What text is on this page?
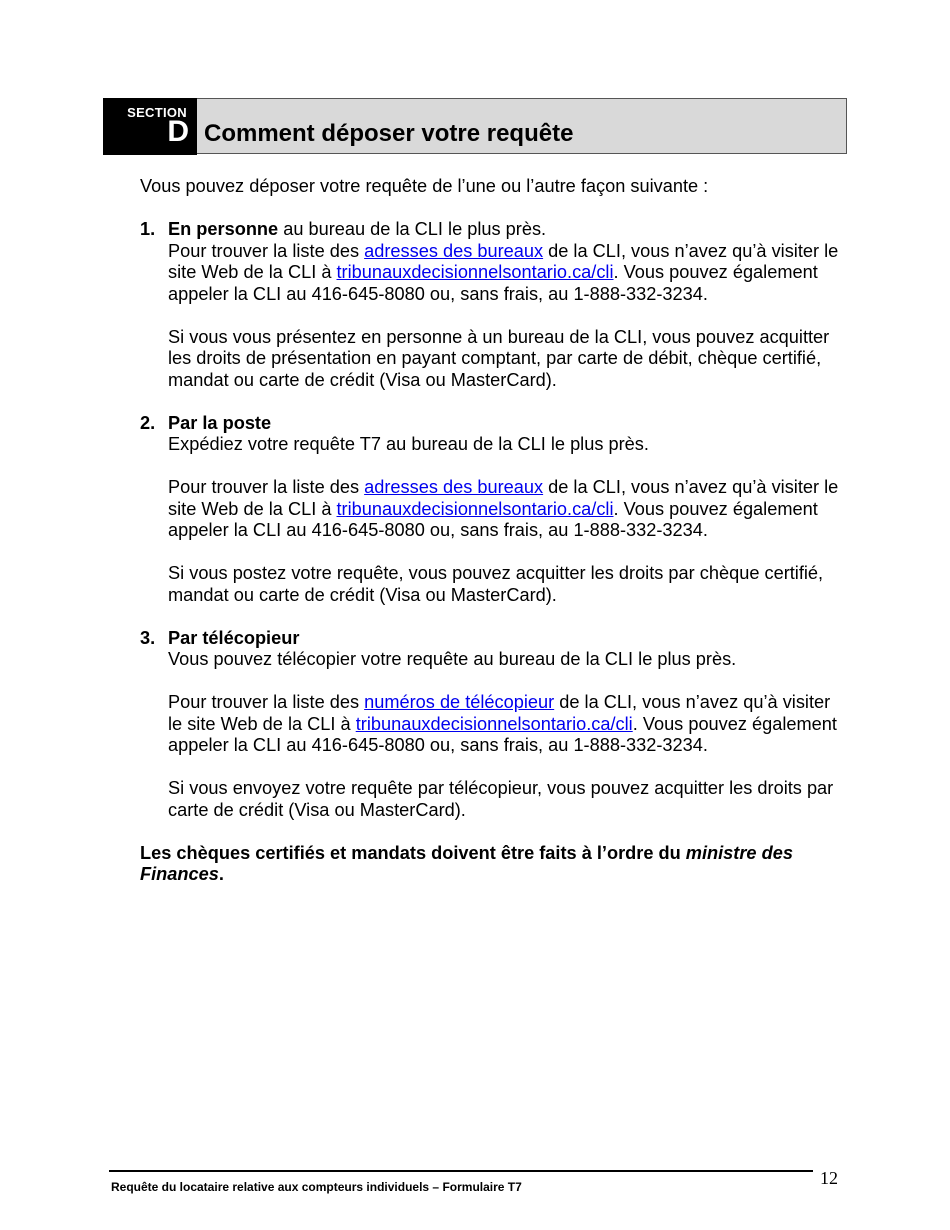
SECTION
D Comment déposer votre requête

Vous pouvez déposer votre requête de l’une ou l’autre façon suivante :

1. En personne au bureau de la CLI le plus près.

Pour trouver la liste des adresses des bureaux de la CLI, vous n’avez qu’à visiter le site Web de la CLI à tribunauxdecisionnelsontario.ca/cli. Vous pouvez également appeler la CLI au 416-645-8080 ou, sans frais, au 1-888-332-3234.

Si vous vous présentez en personne à un bureau de la CLI, vous pouvez acquitter les droits de présentation en payant comptant, par carte de débit, chèque certifié, mandat ou carte de crédit (Visa ou MasterCard).

2. Par la poste

Expédiez votre requête T7 au bureau de la CLI le plus près.

Pour trouver la liste des adresses des bureaux de la CLI, vous n’avez qu’à visiter le site Web de la CLI à tribunauxdecisionnelsontario.ca/cli. Vous pouvez également appeler la CLI au 416-645-8080 ou, sans frais, au 1-888-332-3234.

Si vous postez votre requête, vous pouvez acquitter les droits par chèque certifié, mandat ou carte de crédit (Visa ou MasterCard).

3. Par télécopieur

Vous pouvez télécopier votre requête au bureau de la CLI le plus près.

Pour trouver la liste des numéros de télécopieur de la CLI, vous n’avez qu’à visiter le site Web de la CLI à tribunauxdecisionnelsontario.ca/cli. Vous pouvez également appeler la CLI au 416-645-8080 ou, sans frais, au 1-888-332-3234.

Si vous envoyez votre requête par télécopieur, vous pouvez acquitter les droits par carte de crédit (Visa ou MasterCard).

Les chèques certifiés et mandats doivent être faits à l’ordre du ministre des Finances.

Requête du locataire relative aux compteurs individuels – Formulaire T7	12
